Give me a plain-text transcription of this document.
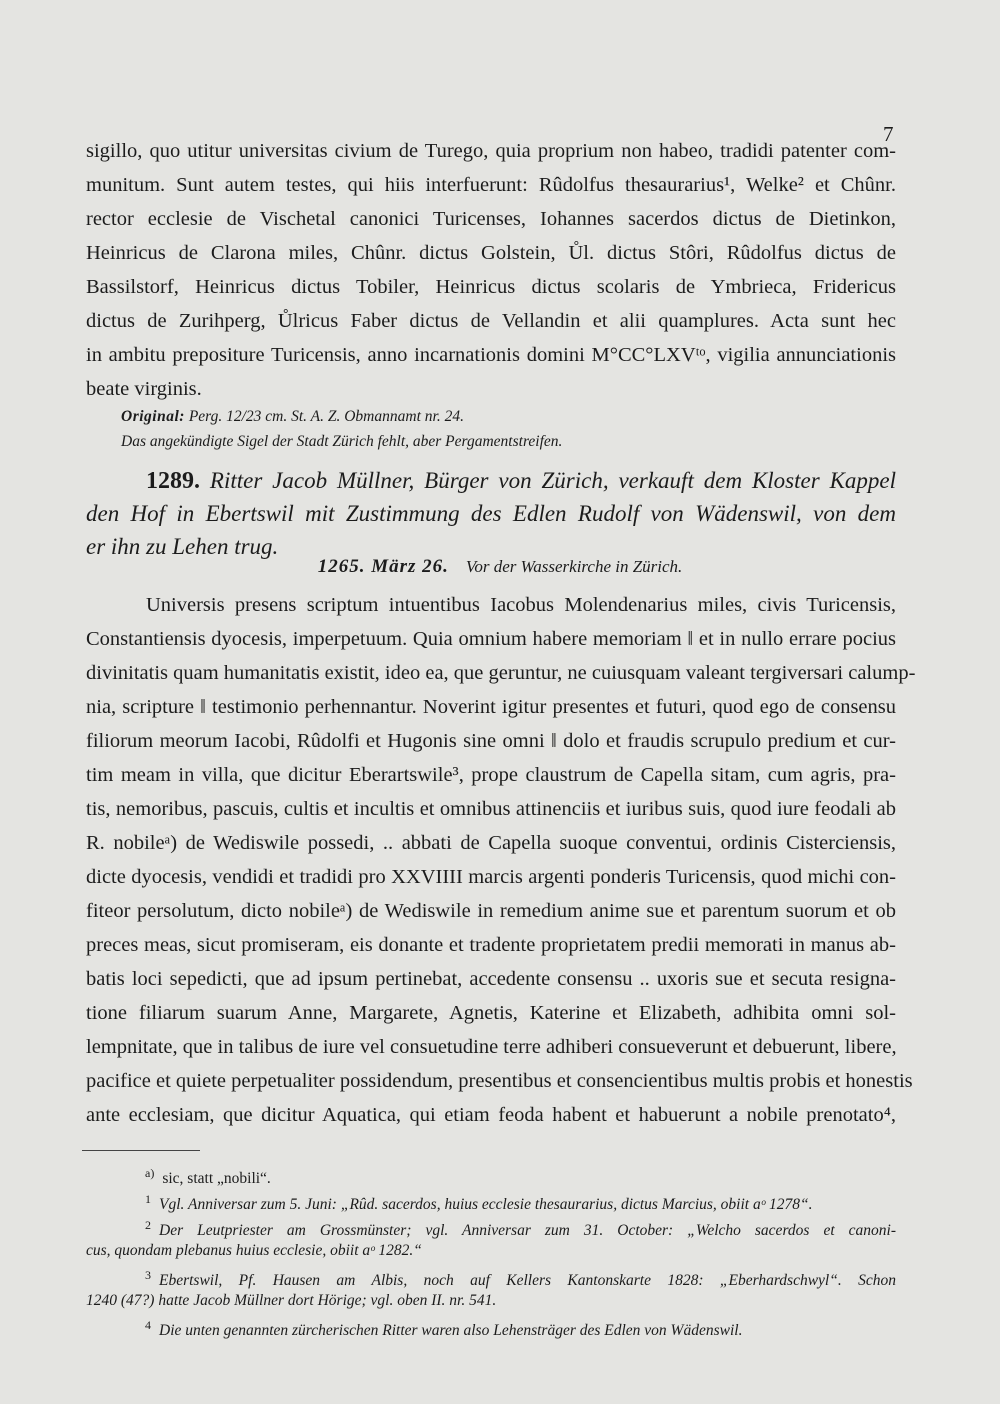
7
sigillo, quo utitur universitas civium de Turego, quia proprium non habeo, tradidi patenter com-
munitum. Sunt autem testes, qui hiis interfuerunt: Rûdolfus thesaurarius¹, Welke² et Chûnr.
rector ecclesie de Vischetal canonici Turicenses, Iohannes sacerdos dictus de Dietinkon,
Heinricus de Clarona miles, Chûnr. dictus Golstein, Ůl. dictus Stôri, Rûdolfus dictus de
Bassilstorf, Heinricus dictus Tobiler, Heinricus dictus scolaris de Ymbrieca, Fridericus
dictus de Zurihperg, Ůlricus Faber dictus de Vellandin et alii quamplures. Acta sunt hec
in ambitu prepositure Turicensis, anno incarnationis domini M°CC°LXVᵗᵒ, vigilia annunciationis
beate virginis.
Original: Perg. 12/23 cm. St. A. Z. Obmannamt nr. 24.
Das angekündigte Sigel der Stadt Zürich fehlt, aber Pergamentstreifen.
1289. Ritter Jacob Müllner, Bürger von Zürich, verkauft dem Kloster Kappel
den Hof in Ebertswil mit Zustimmung des Edlen Rudolf von Wädenswil, von dem
er ihn zu Lehen trug.
1265. März 26. Vor der Wasserkirche in Zürich.
Universis presens scriptum intuentibus Iacobus Molendenarius miles, civis Turicensis,
Constantiensis dyocesis, imperpetuum. Quia omnium habere memoriam ‖ et in nullo errare pocius
divinitatis quam humanitatis existit, ideo ea, que geruntur, ne cuiusquam valeant tergiversari calump-
nia, scripture ‖ testimonio perhennantur. Noverint igitur presentes et futuri, quod ego de consensu
filiorum meorum Iacobi, Rûdolfi et Hugonis sine omni ‖ dolo et fraudis scrupulo predium et cur-
tim meam in villa, que dicitur Eberartswile³, prope claustrum de Capella sitam, cum agris, pra-
tis, nemoribus, pascuis, cultis et incultis et omnibus attinenciis et iuribus suis, quod iure feodali ab
R. nobileᵃ) de Wediswile possedi, .. abbati de Capella suoque conventui, ordinis Cisterciensis,
dicte dyocesis, vendidi et tradidi pro XXVIIII marcis argenti ponderis Turicensis, quod michi con-
fiteor persolutum, dicto nobileᵃ) de Wediswile in remedium anime sue et parentum suorum et ob
preces meas, sicut promiseram, eis donante et tradente proprietatem predii memorati in manus ab-
batis loci sepedicti, que ad ipsum pertinebat, accedente consensu .. uxoris sue et secuta resigna-
tione filiarum suarum Anne, Margarete, Agnetis, Katerine et Elizabeth, adhibita omni sol-
lempnitate, que in talibus de iure vel consuetudine terre adhiberi consueverunt et debuerunt, libere,
pacifice et quiete perpetualiter possidendum, presentibus et consencientibus multis probis et honestis
ante ecclesiam, que dicitur Aquatica, qui etiam feoda habent et habuerunt a nobile prenotato⁴,
$^{a)}$ sic, statt „nobili“.
$^1$ Vgl. Anniversar zum 5. Juni: „Rûd. sacerdos, huius ecclesie thesaurarius, dictus Marcius, obiit aᵒ 1278“.
$^2$ Der Leutpriester am Grossmünster; vgl. Anniversar zum 31. October: „Welcho sacerdos et canoni-
cus, quondam plebanus huius ecclesie, obiit aᵒ 1282.“
$^3$ Ebertswil, Pf. Hausen am Albis, noch auf Kellers Kantonskarte 1828: „Eberhardschwyl“. Schon
1240 (47?) hatte Jacob Müllner dort Hörige; vgl. oben II. nr. 541.
$^4$ Die unten genannten zürcherischen Ritter waren also Lehensträger des Edlen von Wädenswil.
